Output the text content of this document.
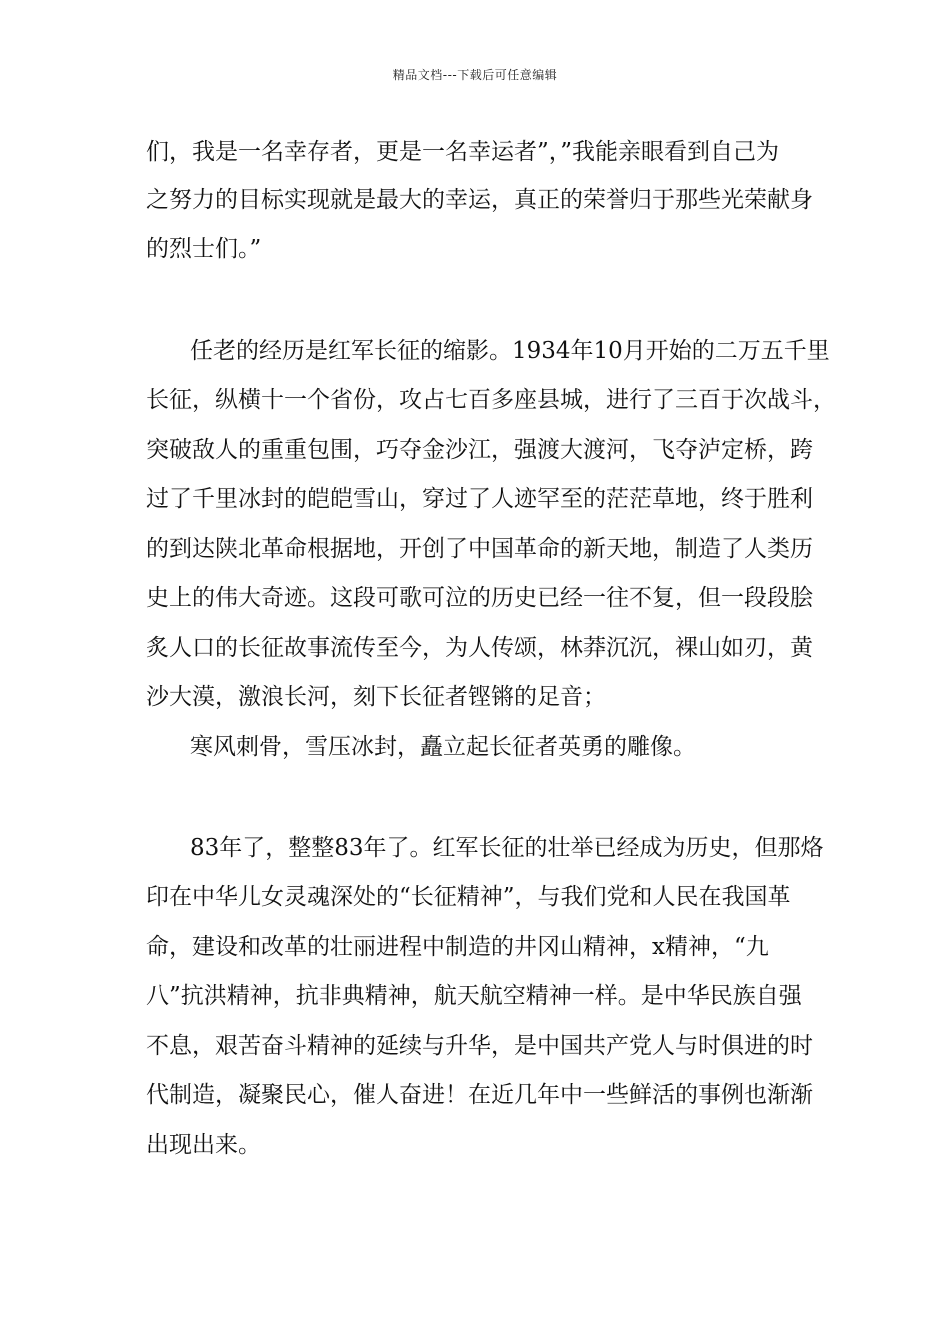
精品文档---下载后可任意编辑
们，我是一名幸存者，更是一名幸运者”，”我能亲眼看到自己为
之努力的目标实现就是最大的幸运，真正的荣誉归于那些光荣献身
的烈士们。”
任老的经历是红军长征的缩影。1934年10月开始的二万五千里
长征，纵横十一个省份，攻占七百多座县城，进行了三百于次战斗，
突破敌人的重重包围，巧夺金沙江，强渡大渡河，飞夺泸定桥，跨
过了千里冰封的皑皑雪山，穿过了人迹罕至的茫茫草地，终于胜利
的到达陕北革命根据地，开创了中国革命的新天地，制造了人类历
史上的伟大奇迹。这段可歌可泣的历史已经一往不复，但一段段脍
炙人口的长征故事流传至今，为人传颂，林莽沉沉，裸山如刃，黄
沙大漠，激浪长河，刻下长征者铿锵的足音；
寒风刺骨，雪压冰封，矗立起长征者英勇的雕像。
83年了，整整83年了。红军长征的壮举已经成为历史，但那烙
印在中华儿女灵魂深处的“长征精神”，与我们党和人民在我国革
命，建设和改革的壮丽进程中制造的井冈山精神，x精神，“九
八”抗洪精神，抗非典精神，航天航空精神一样。是中华民族自强
不息，艰苦奋斗精神的延续与升华，是中国共产党人与时俱进的时
代制造，凝聚民心，催人奋进！在近几年中一些鲜活的事例也渐渐
出现出来。
